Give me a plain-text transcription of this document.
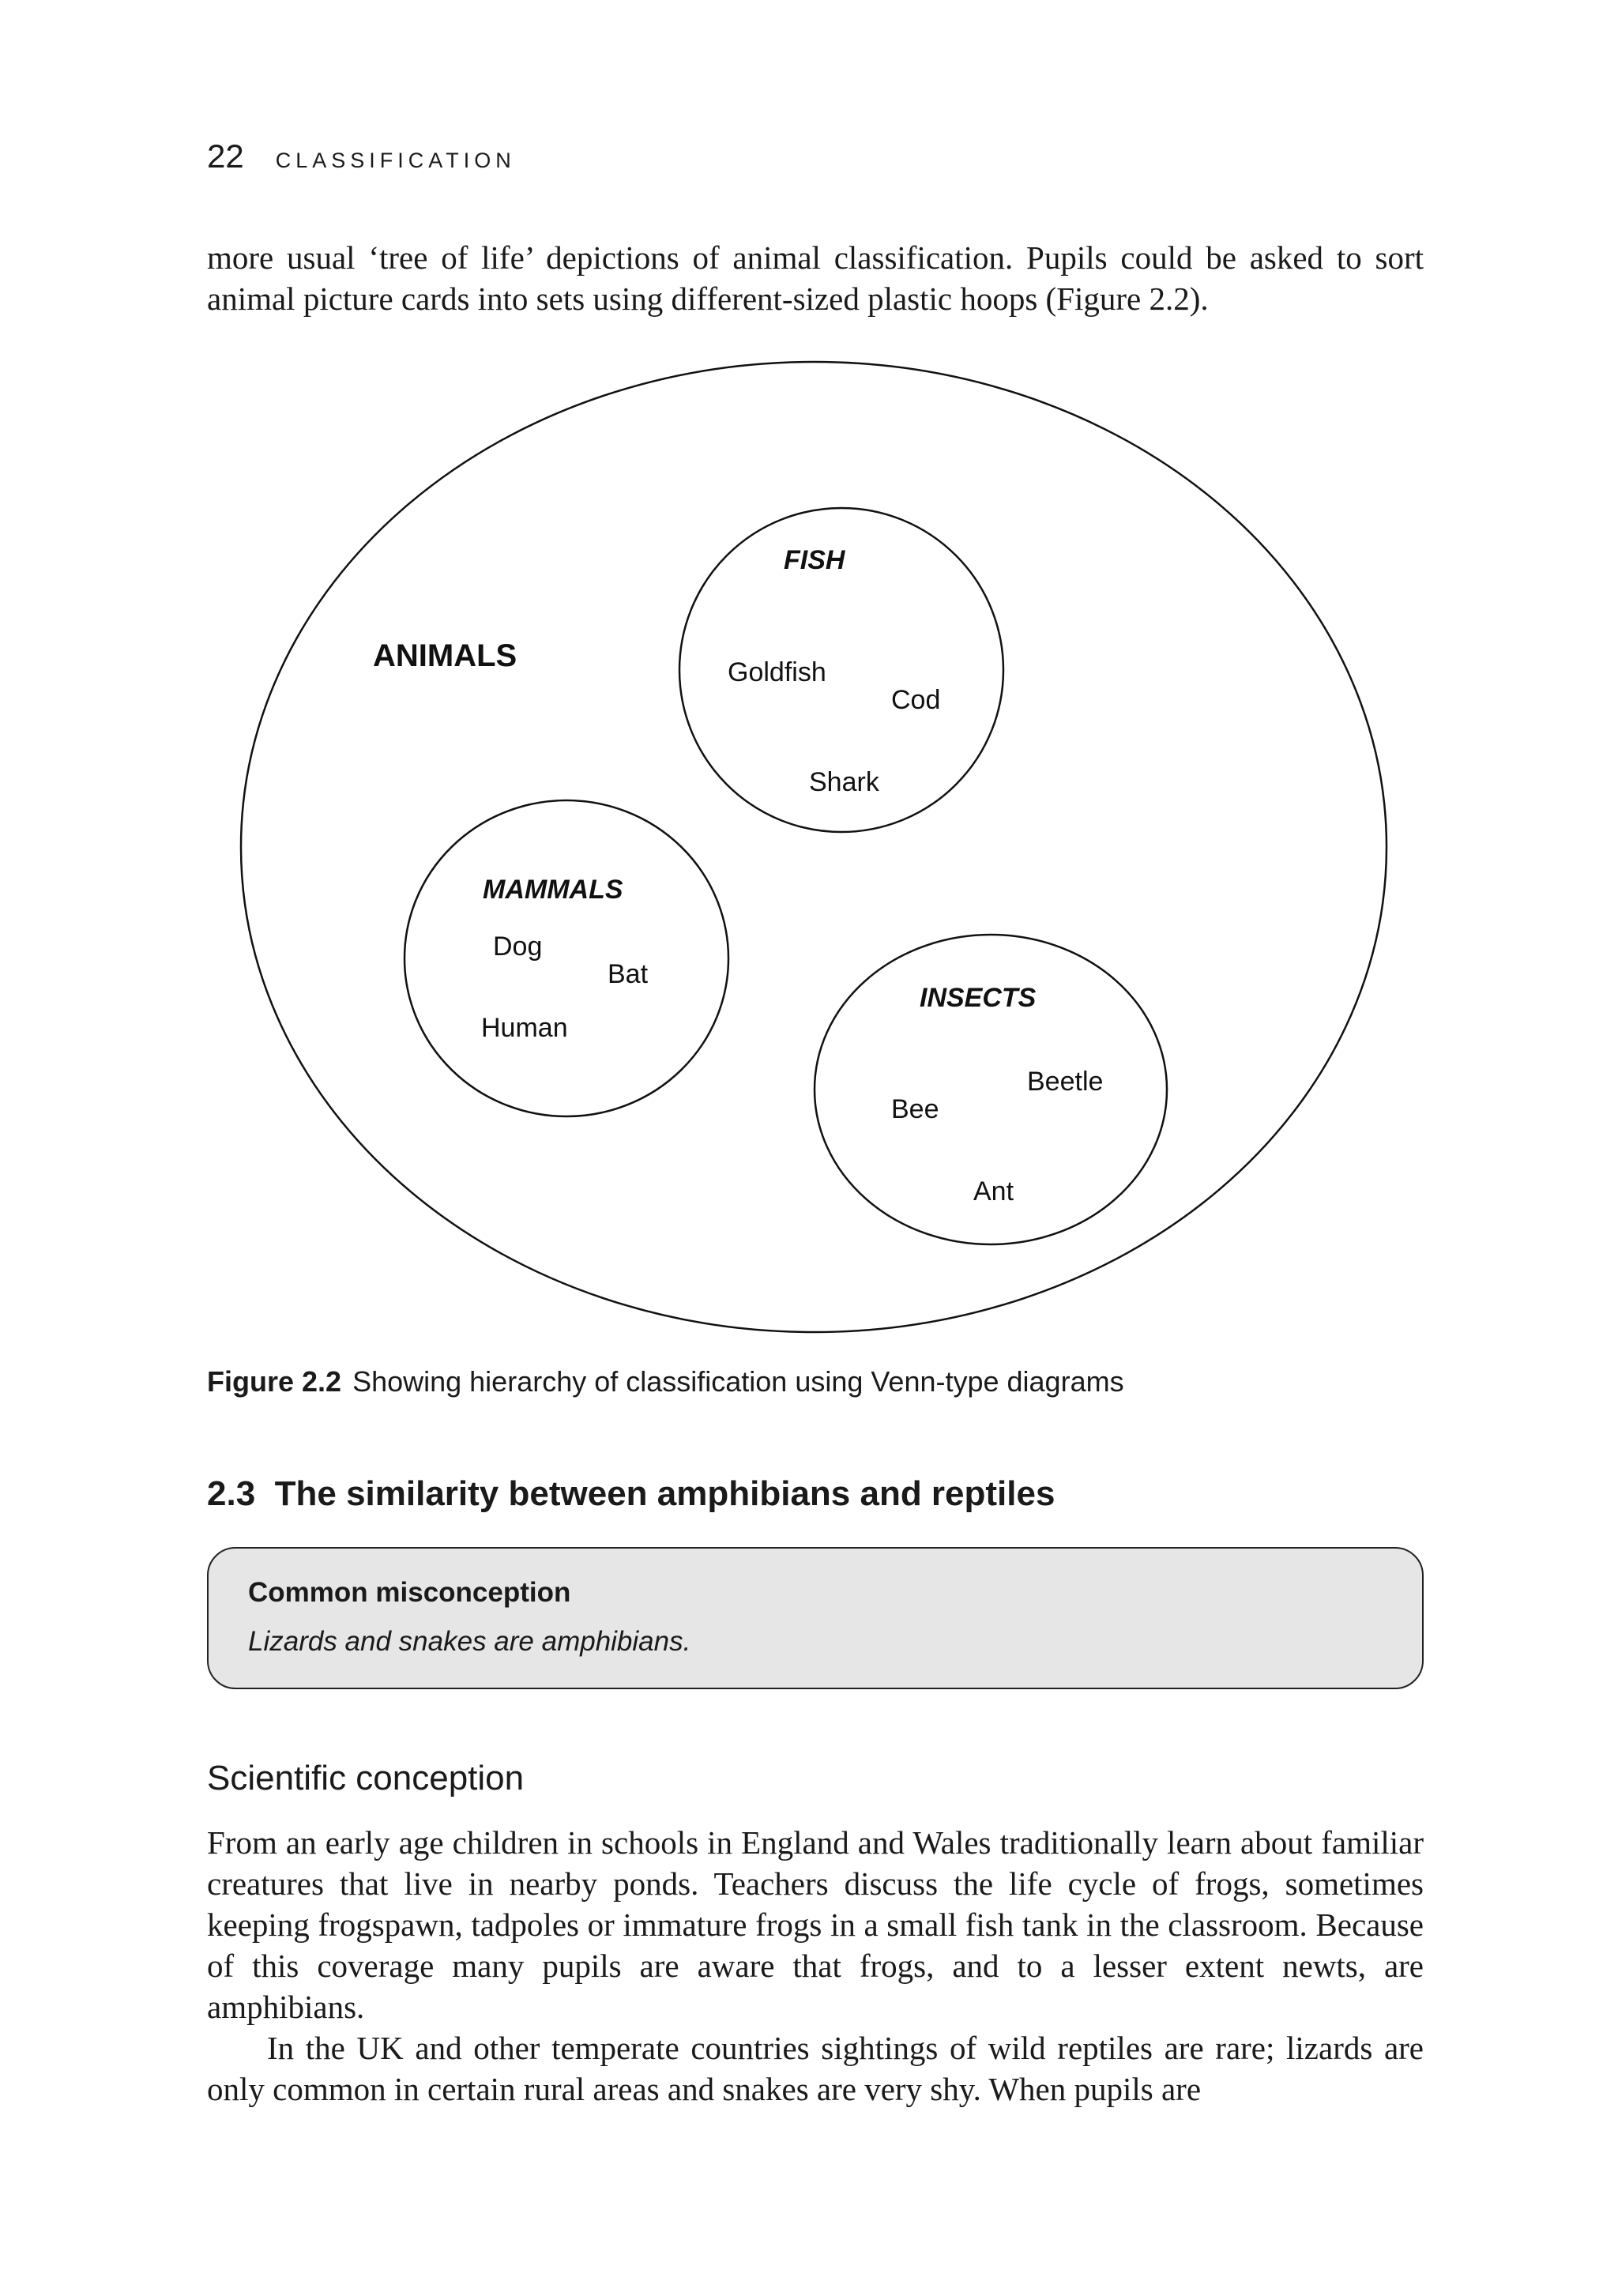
22 CLASSIFICATION

more usual ‘tree of life’ depictions of animal classification. Pupils could be asked to sort animal picture cards into sets using different-sized plastic hoops (Figure 2.2).

ANIMALS
FISH
Goldfish
Cod
Shark
MAMMALS
Dog
Bat
Human
INSECTS
Bee
Beetle
Ant
Figure 2.2 Showing hierarchy of classification using Venn-type diagrams
2.3  The similarity between amphibians and reptiles
Common misconception
Lizards and snakes are amphibians.
Scientific conception

From an early age children in schools in England and Wales traditionally learn about familiar creatures that live in nearby ponds. Teachers discuss the life cycle of frogs, sometimes keeping frogspawn, tadpoles or immature frogs in a small fish tank in the classroom. Because of this coverage many pupils are aware that frogs, and to a lesser extent newts, are amphibians.

In the UK and other temperate countries sightings of wild reptiles are rare; lizards are only common in certain rural areas and snakes are very shy. When pupils are
